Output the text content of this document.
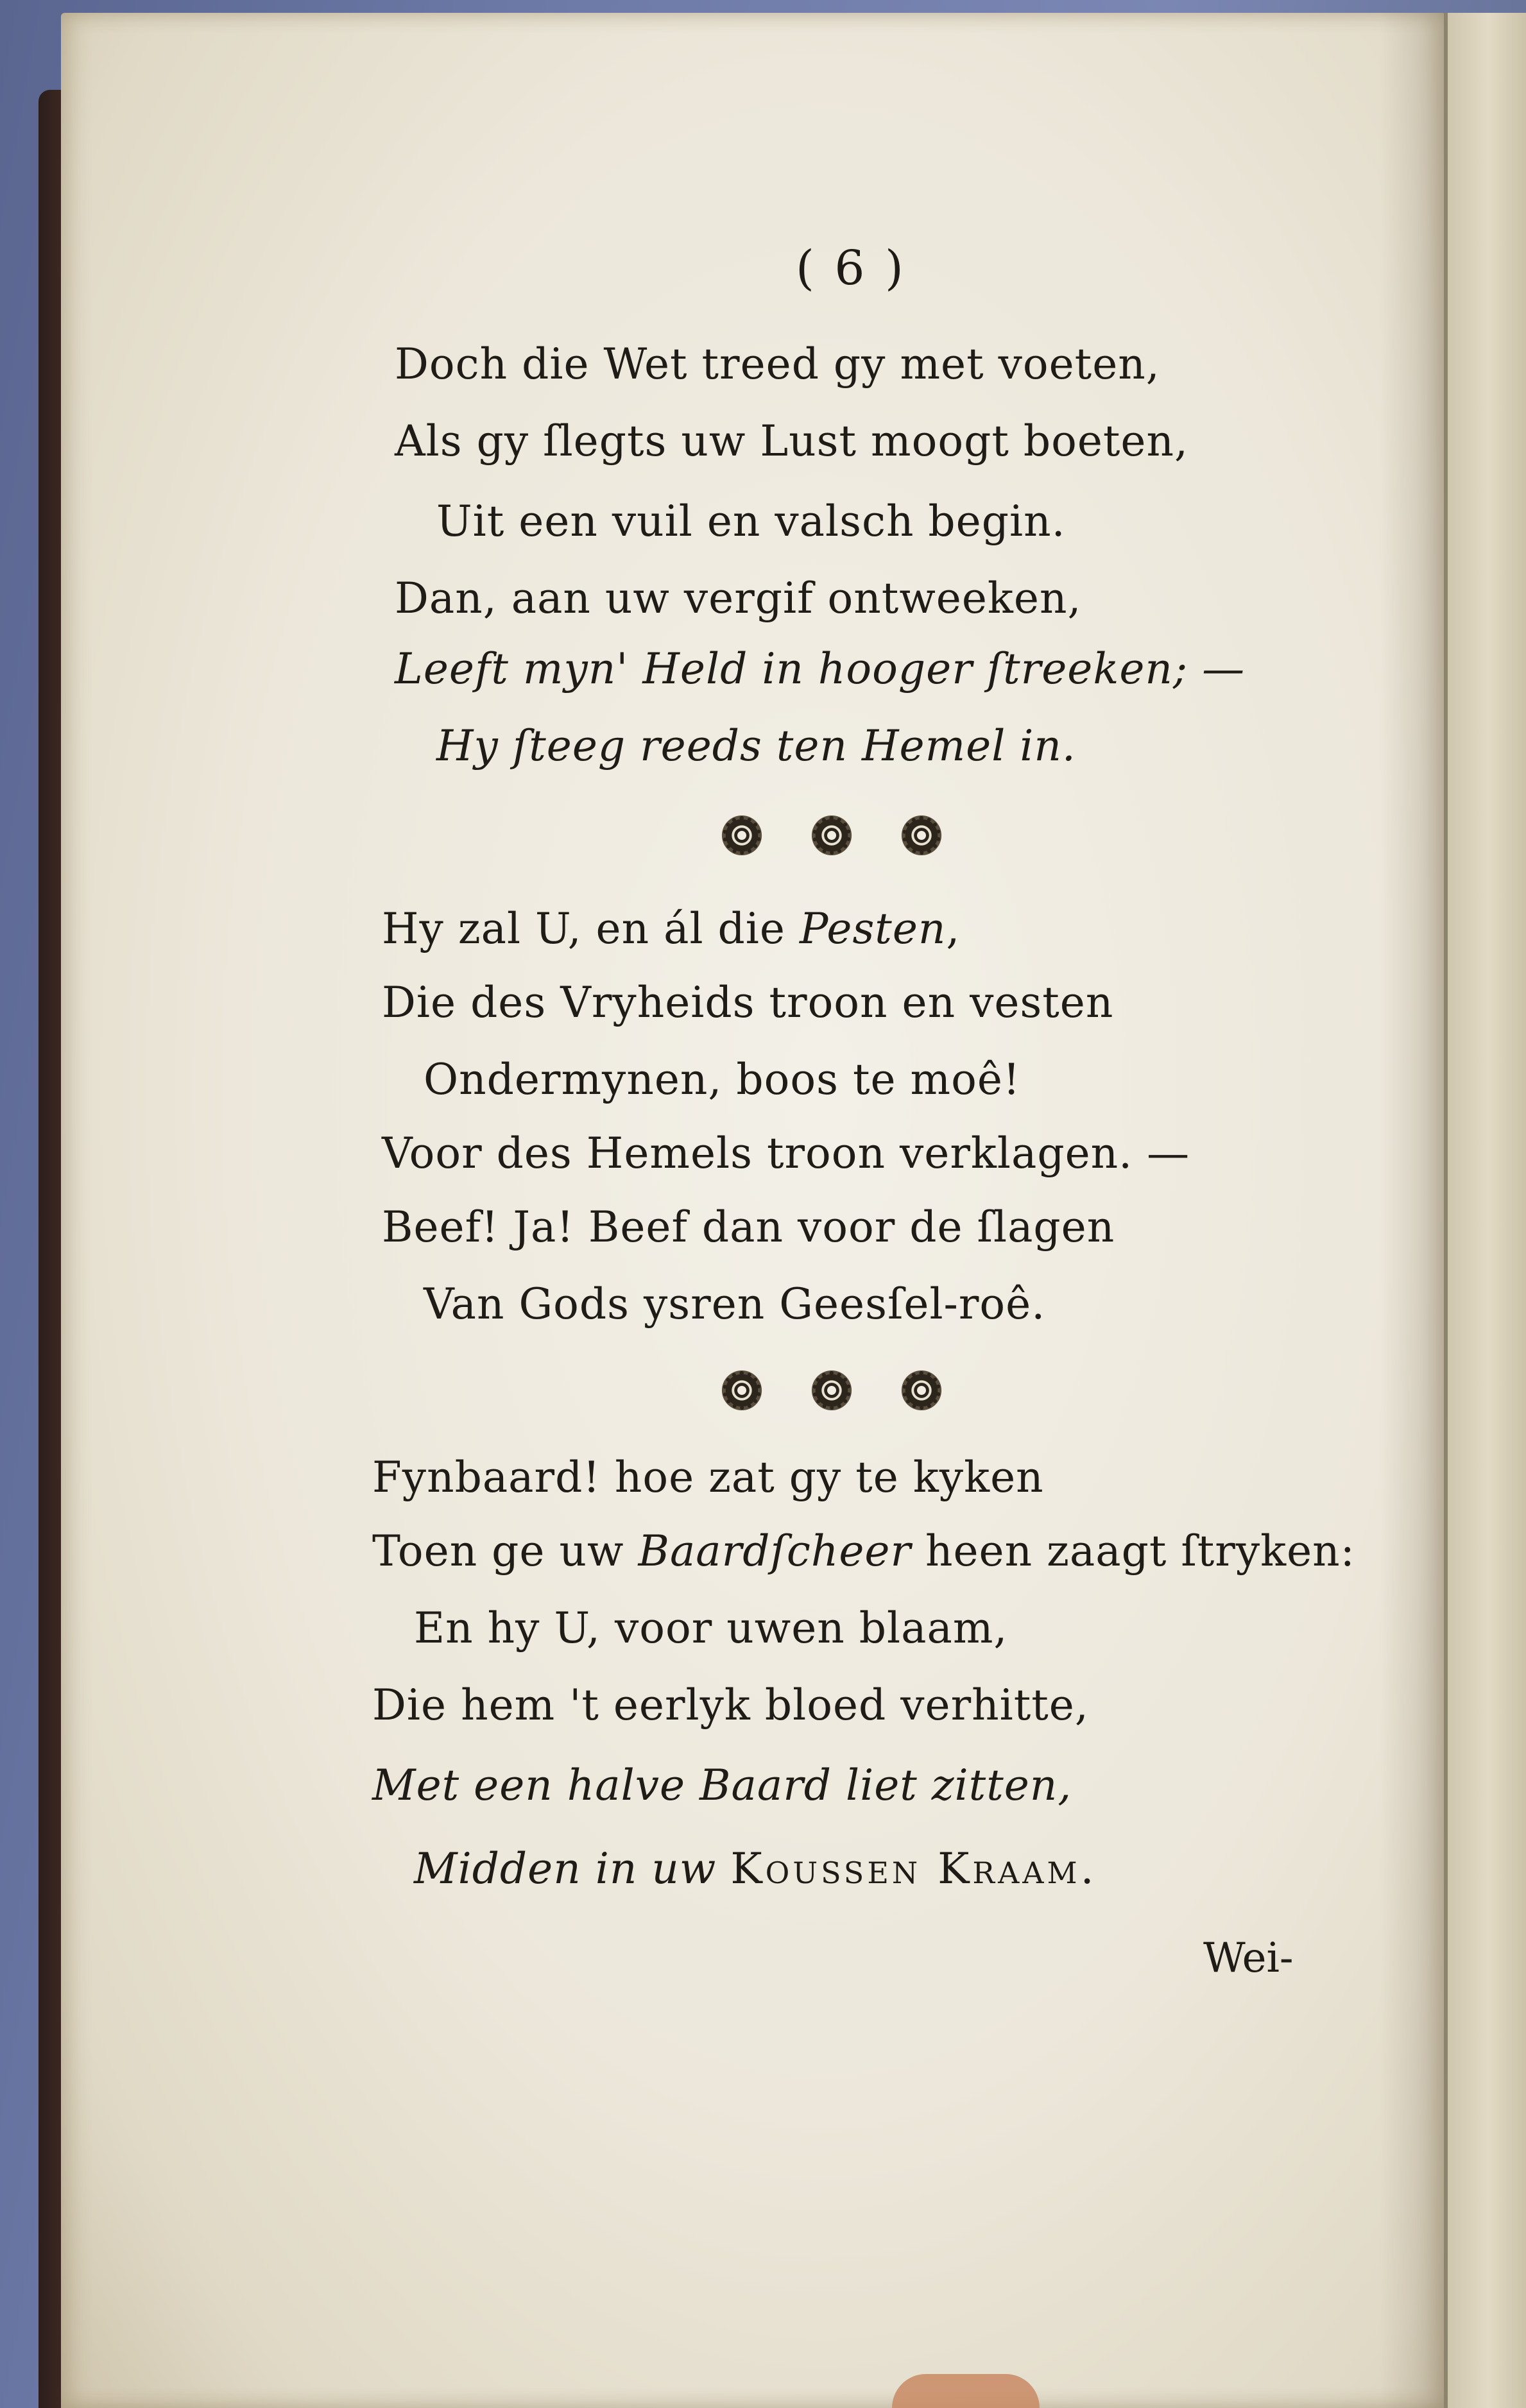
( 6 )
Doch die Wet treed gy met voeten,
Als gy ſlegts uw Lust moogt boeten,
Uit een vuil en valsch begin.
Dan, aan uw vergif ontweeken,
Leeft myn' Held in hooger ſtreeken; —
Hy ſteeg reeds ten Hemel in.
Hy zal U, en ál die Pesten,
Die des Vryheids troon en vesten
Ondermynen, boos te moê!
Voor des Hemels troon verklagen. —
Beef! Ja! Beef dan voor de ſlagen
Van Gods ysren Geesſel-roê.
Fynbaard! hoe zat gy te kyken
Toen ge uw Baardſcheer heen zaagt ſtryken:
En hy U, voor uwen blaam,
Die hem 't eerlyk bloed verhitte,
Met een halve Baard liet zitten,
Midden in uw Koussen Kraam.
Wei-
